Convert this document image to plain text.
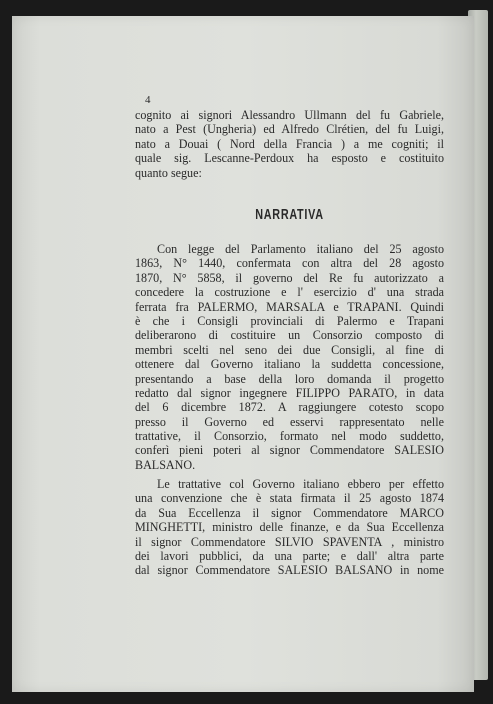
4
cognito ai signori Alessandro Ullmann del fu Gabriele,
nato a Pest (Ungheria) ed Alfredo Clrétien, del fu Luigi,
nato a Douai ( Nord della Francia ) a me cogniti; il
quale sig. Lescanne-Perdoux ha esposto e costituito
quanto segue:
NARRATIVA
Con legge del Parlamento italiano del 25 agosto
1863, N° 1440, confermata con altra del 28 agosto
1870, N° 5858, il governo del Re fu autorizzato a
concedere la costruzione e l' esercizio d' una strada
ferrata fra PALERMO, MARSALA e TRAPANI. Quindi
è che i Consigli provinciali di Palermo e Trapani
deliberarono di costituire un Consorzio composto di
membri scelti nel seno dei due Consigli, al fine di
ottenere dal Governo italiano la suddetta concessione,
presentando a base della loro domanda il progetto
redatto dal signor ingegnere FILIPPO PARATO, in data
del 6 dicembre 1872. A raggiungere cotesto scopo
presso il Governo ed esservi rappresentato nelle
trattative, il Consorzio, formato nel modo suddetto,
conferì pieni poteri al signor Commendatore SALESIO
BALSANO.
Le trattative col Governo italiano ebbero per effetto
una convenzione che è stata firmata il 25 agosto 1874
da Sua Eccellenza il signor Commendatore MARCO
MINGHETTI, ministro delle finanze, e da Sua Eccellenza
il signor Commendatore SILVIO SPAVENTA , ministro
dei lavori pubblici, da una parte; e dall' altra parte
dal signor Commendatore SALESIO BALSANO in nome
